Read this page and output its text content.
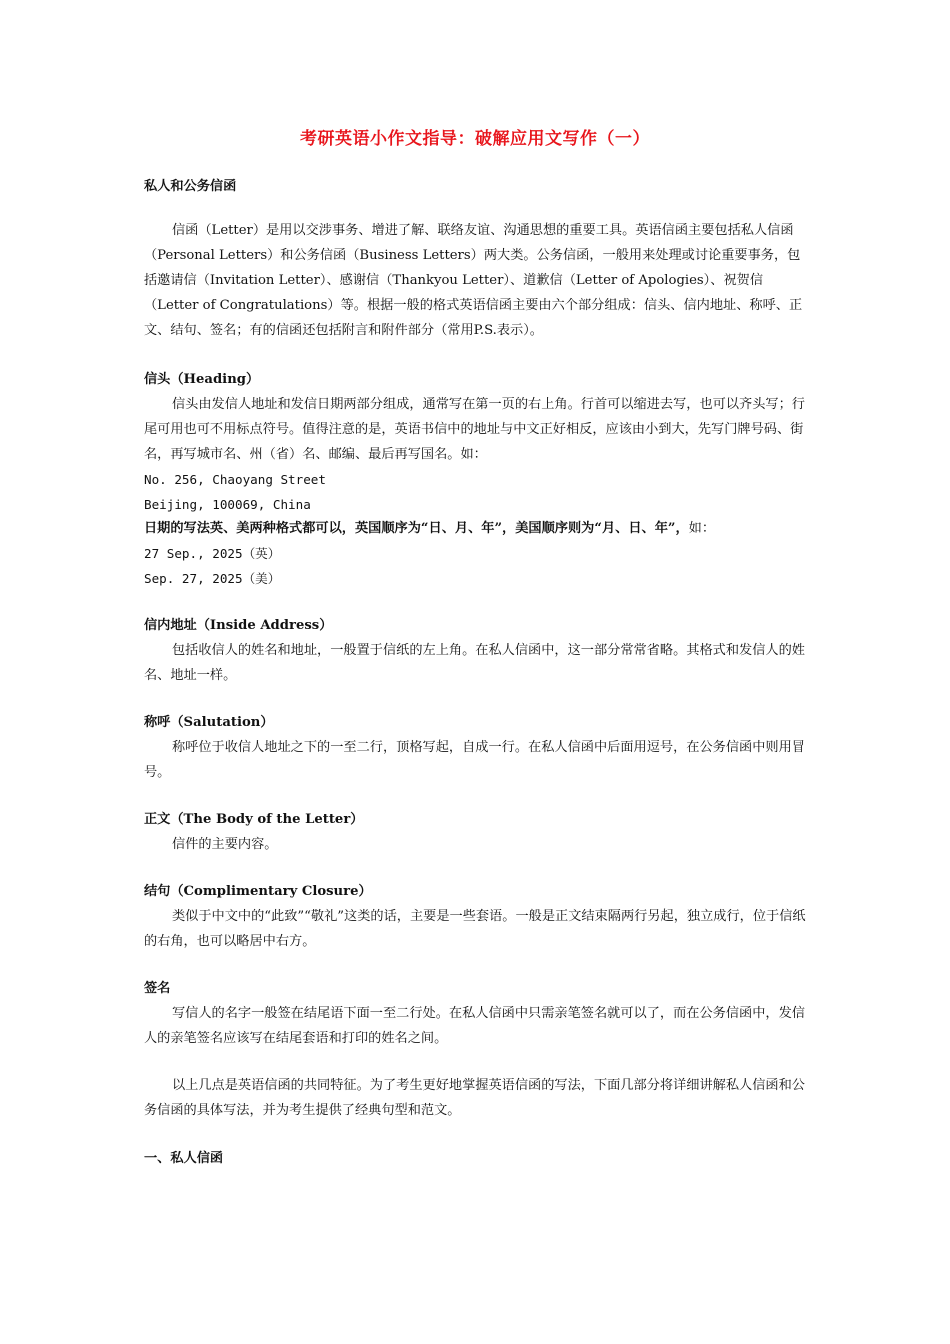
考研英语小作文指导：破解应用文写作（一）

私人和公务信函

信函（Letter）是用以交涉事务、增进了解、联络友谊、沟通思想的重要工具。英语信函主要包括私人信函（Personal Letters）和公务信函（Business Letters）两大类。公务信函，一般用来处理或讨论重要事务，包括邀请信（Invitation Letter）、感谢信（Thankyou Letter）、道歉信（Letter of Apologies）、祝贺信（Letter of Congratulations）等。根据一般的格式英语信函主要由六个部分组成：信头、信内地址、称呼、正文、结句、签名；有的信函还包括附言和附件部分（常用P.S.表示）。

信头（Heading）

信头由发信人地址和发信日期两部分组成，通常写在第一页的右上角。行首可以缩进去写，也可以齐头写；行尾可用也可不用标点符号。值得注意的是，英语书信中的地址与中文正好相反，应该由小到大，先写门牌号码、街名，再写城市名、州（省）名、邮编、最后再写国名。如：

No. 256, Chaoyang Street

Beijing, 100069, China

日期的写法英、美两种格式都可以，英国顺序为“日、月、年”，美国顺序则为“月、日、年”，如：

27 Sep., 2025（英）

Sep. 27, 2025（美）

信内地址（Inside Address）

包括收信人的姓名和地址，一般置于信纸的左上角。在私人信函中，这一部分常常省略。其格式和发信人的姓名、地址一样。

称呼（Salutation）

称呼位于收信人地址之下的一至二行，顶格写起，自成一行。在私人信函中后面用逗号，在公务信函中则用冒号。

正文（The Body of the Letter）

信件的主要内容。

结句（Complimentary Closure）

类似于中文中的“此致”“敬礼”这类的话，主要是一些套语。一般是正文结束隔两行另起，独立成行，位于信纸的右角，也可以略居中右方。

签名

写信人的名字一般签在结尾语下面一至二行处。在私人信函中只需亲笔签名就可以了，而在公务信函中，发信人的亲笔签名应该写在结尾套语和打印的姓名之间。

以上几点是英语信函的共同特征。为了考生更好地掌握英语信函的写法，下面几部分将详细讲解私人信函和公务信函的具体写法，并为考生提供了经典句型和范文。

一、私人信函
